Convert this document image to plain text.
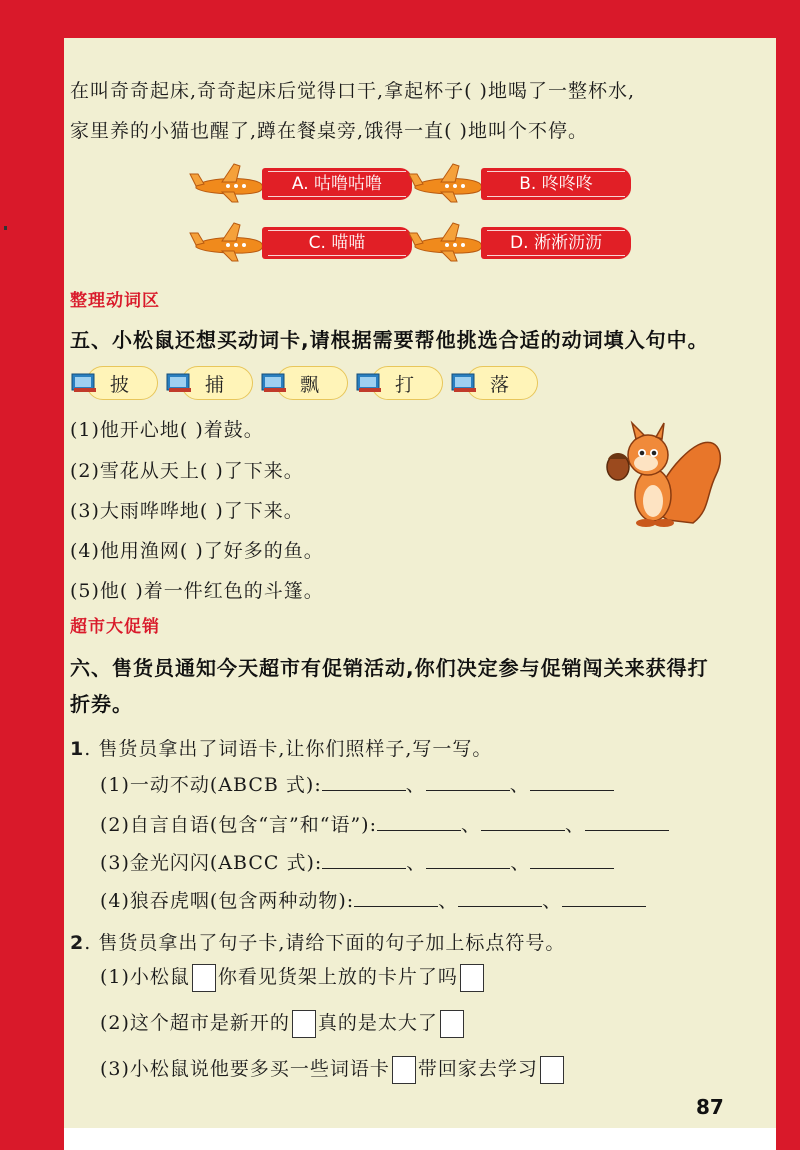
在叫奇奇起床,奇奇起床后觉得口干,拿起杯子( )地喝了一整杯水,
家里养的小猫也醒了,蹲在餐桌旁,饿得一直( )地叫个不停。
A. 咕噜咕噜	B. 咚咚咚
C. 喵喵	D. 淅淅沥沥
整理动词区
五、小松鼠还想买动词卡,请根据需要帮他挑选合适的动词填入句中。
披	捕	飘	打	落
(1)他开心地( )着鼓。
(2)雪花从天上( )了下来。
(3)大雨哗哗地( )了下来。
(4)他用渔网( )了好多的鱼。
(5)他( )着一件红色的斗篷。
超市大促销
六、售货员通知今天超市有促销活动,你们决定参与促销闯关来获得打
折券。
1. 售货员拿出了词语卡,让你们照样子,写一写。
(1)一动不动(ABCB 式):	、	、
(2)自言自语(包含“言”和“语”):	、	、
(3)金光闪闪(ABCC 式):	、	、
(4)狼吞虎咽(包含两种动物):	、	、
2. 售货员拿出了句子卡,请给下面的句子加上标点符号。
(1)小松鼠 你看见货架上放的卡片了吗
(2)这个超市是新开的 真的是太大了
(3)小松鼠说他要多买一些词语卡 带回家去学习
87
